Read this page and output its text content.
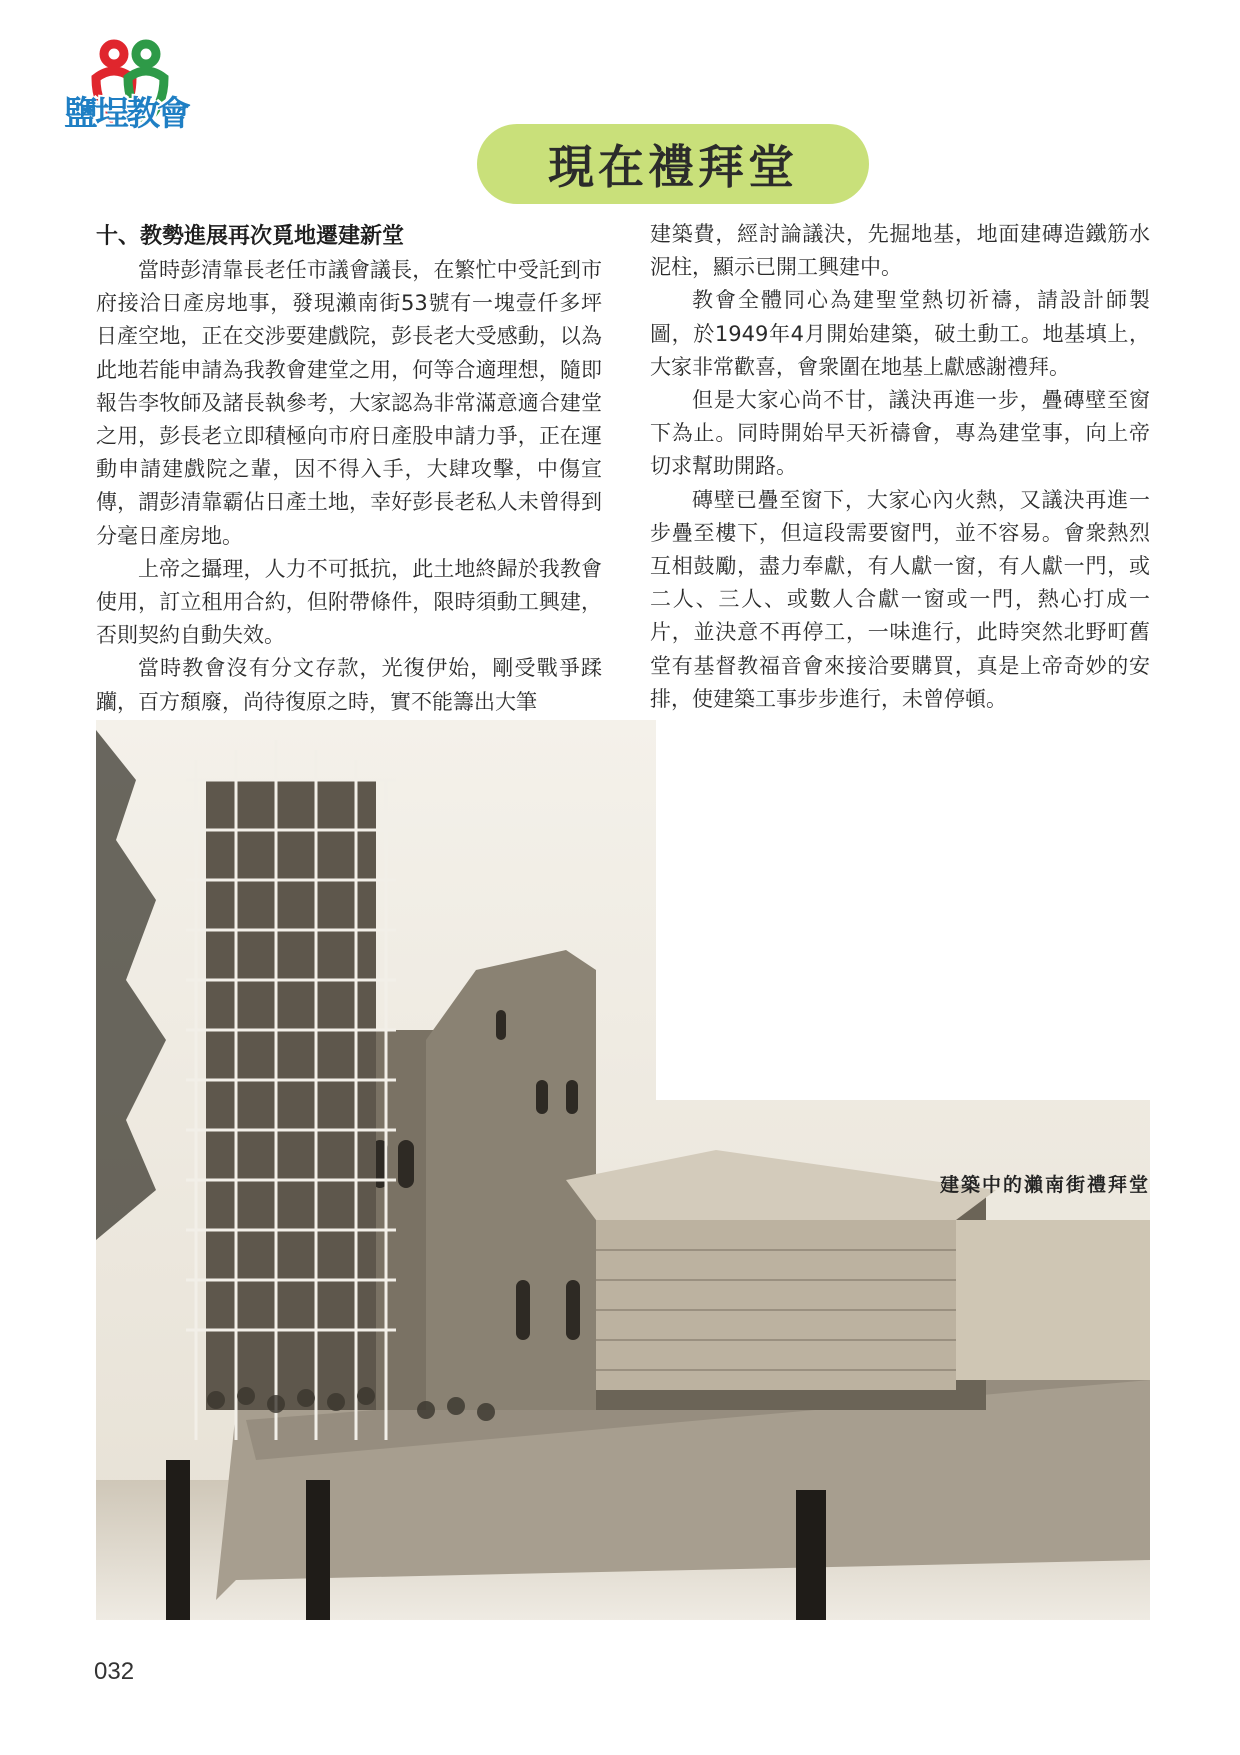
鹽埕教會
現在禮拜堂

十、教勢進展再次覓地遷建新堂

當時彭清靠長老任市議會議長，在繁忙中受託到市府接洽日產房地事，發現瀨南街53號有一塊壹仟多坪日產空地，正在交涉要建戲院，彭長老大受感動，以為此地若能申請為我教會建堂之用，何等合適理想，隨即報告李牧師及諸長執參考，大家認為非常滿意適合建堂之用，彭長老立即積極向市府日產股申請力爭，正在運動申請建戲院之輩，因不得入手，大肆攻擊，中傷宣傳，謂彭清靠霸佔日產土地，幸好彭長老私人未曾得到分毫日產房地。

上帝之攝理，人力不可抵抗，此土地終歸於我教會使用，訂立租用合約，但附帶條件，限時須動工興建，否則契約自動失效。

當時教會沒有分文存款，光復伊始，剛受戰爭蹂躪，百方頹廢，尚待復原之時，實不能籌出大筆

建築費，經討論議決，先掘地基，地面建磚造鐵筋水泥柱，顯示已開工興建中。

教會全體同心為建聖堂熱切祈禱，請設計師製圖，於1949年4月開始建築，破土動工。地基填上，大家非常歡喜，會衆圍在地基上獻感謝禮拜。

但是大家心尚不甘，議決再進一步，疊磚壁至窗下為止。同時開始早天祈禱會，專為建堂事，向上帝切求幫助開路。

磚壁已疊至窗下，大家心內火熱，又議決再進一步疊至樓下，但這段需要窗門，並不容易。會衆熱烈互相鼓勵，盡力奉獻，有人獻一窗，有人獻一門，或二人、三人、或數人合獻一窗或一門，熱心打成一片，並決意不再停工，一味進行，此時突然北野町舊堂有基督教福音會來接洽要購買，真是上帝奇妙的安排，使建築工事步步進行，未曾停頓。

建築中的瀨南街禮拜堂
032
